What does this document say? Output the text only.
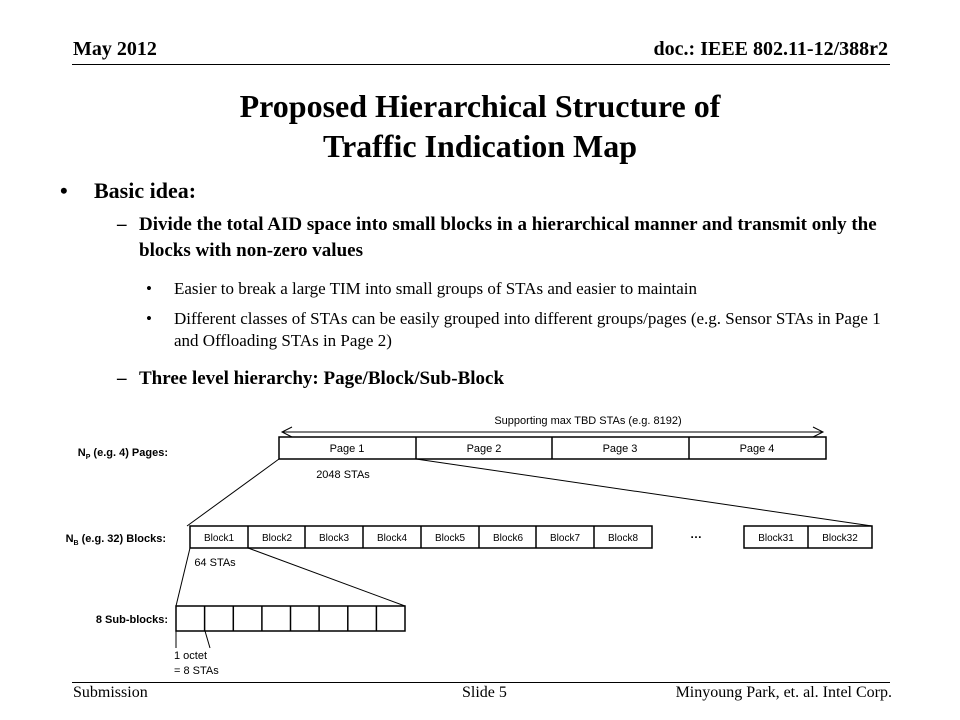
May 2012	doc.: IEEE 802.11-12/388r2
Proposed Hierarchical Structure of
Traffic Indication Map
• Basic idea:
– Divide the total AID space into small blocks in a hierarchical manner and transmit only the blocks with non-zero values
• Easier to break a large TIM into small groups of STAs and easier to maintain
• Different classes of STAs can be easily grouped into different groups/pages (e.g. Sensor STAs in Page 1 and Offloading STAs in Page 2)
– Three level hierarchy: Page/Block/Sub-Block
Supporting max TBD STAs (e.g. 8192)
$N_P$ (e.g. 4) Pages:	Page 1	Page 2	Page 3	Page 4
2048 STAs
$N_B$ (e.g. 32) Blocks:	Block1	Block2	Block3	Block4	Block5	Block6	Block7	Block8	…	Block31	Block32
64 STAs
8 Sub-blocks:
1 octet
= 8 STAs
Submission	Slide 5	Minyoung Park, et. al. Intel Corp.
